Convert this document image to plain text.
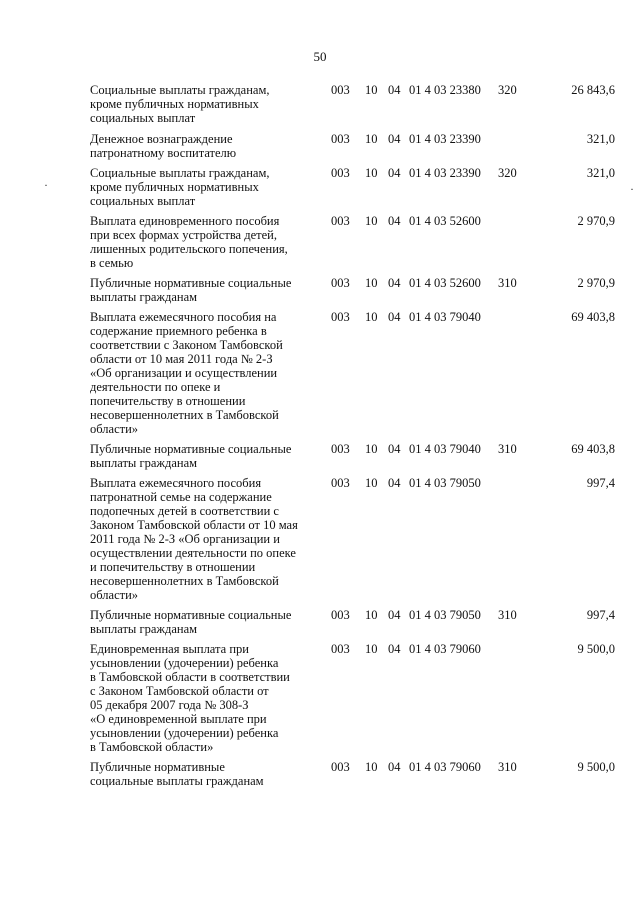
50
Социальные выплаты гражданам,
кроме публичных нормативных
социальных выплат
003 10 04 01 4 03 23380 320	26 843,6
Денежное вознаграждение
патронатному воспитателю
003 10 04 01 4 03 23390	321,0
Социальные выплаты гражданам,
кроме публичных нормативных
социальных выплат
003 10 04 01 4 03 23390 320	321,0
Выплата единовременного пособия
при всех формах устройства детей,
лишенных родительского попечения,
в семью
003 10 04 01 4 03 52600	2 970,9
Публичные нормативные социальные
выплаты гражданам
003 10 04 01 4 03 52600 310	2 970,9
Выплата ежемесячного пособия на
содержание приемного ребенка в
соответствии с Законом Тамбовской
области от 10 мая 2011 года № 2-З
«Об организации и осуществлении
деятельности по опеке и
попечительству в отношении
несовершеннолетних в Тамбовской
области»
003 10 04 01 4 03 79040	69 403,8
Публичные нормативные социальные
выплаты гражданам
003 10 04 01 4 03 79040 310	69 403,8
Выплата ежемесячного пособия
патронатной семье на содержание
подопечных детей в соответствии с
Законом Тамбовской области от 10 мая
2011 года № 2-З «Об организации и
осуществлении деятельности по опеке
и попечительству в отношении
несовершеннолетних в Тамбовской
области»
003 10 04 01 4 03 79050	997,4
Публичные нормативные социальные
выплаты гражданам
003 10 04 01 4 03 79050 310	997,4
Единовременная выплата при
усыновлении (удочерении) ребенка
в Тамбовской области в соответствии
с Законом Тамбовской области от
05 декабря 2007 года № 308-З
«О единовременной выплате при
усыновлении (удочерении) ребенка
в Тамбовской области»
003 10 04 01 4 03 79060	9 500,0
Публичные нормативные
социальные выплаты гражданам
003 10 04 01 4 03 79060 310	9 500,0
·	·
